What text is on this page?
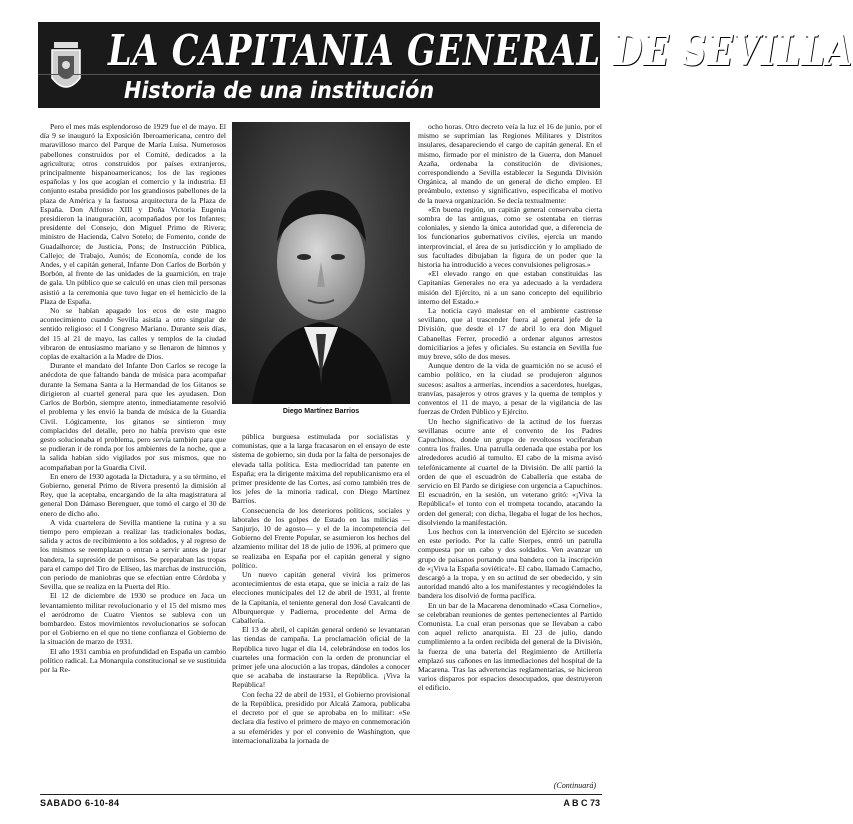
LA CAPITANIA GENERAL DE SEVILLA
Historia de una institución

Pero el mes más esplendoroso de 1929 fue el de mayo. El día 9 se inauguró la Exposición Iberoamericana, centro del maravilloso marco del Parque de María Luisa. Numerosos pabellones construidos por el Comité, dedicados a la agricultura; otros construidos por países extranjeros, principalmente hispanoamericanos; los de las regiones españolas y los que acogían el comercio y la industria. El conjunto estaba presidido por los grandiosos pabellones de la plaza de América y la fastuosa arquitectura de la Plaza de España. Don Alfonso XIII y Doña Victoria Eugenia presidieron la inauguración, acompañados por los Infantes; presidente del Consejo, don Miguel Primo de Rivera; ministro de Hacienda, Calvo Sotelo; de Fomento, conde de Guadalhorce; de Justicia, Pons; de Instrucción Pública, Callejo; de Trabajo, Aunós; de Economía, conde de los Andes, y el capitán general, Infante Don Carlos de Borbón y Borbón, al frente de las unidades de la guarnición, en traje de gala. Un público que se calculó en unas cien mil personas asistió a la ceremonia que tuvo lugar en el hemiciclo de la Plaza de España.

No se habían apagado los ecos de este magno acontecimiento cuando Sevilla asistía a otro singular de sentido religioso: el I Congreso Mariano. Durante seis días, del 15 al 21 de mayo, las calles y templos de la ciudad vibraron de entusiasmo mariano y se llenaron de himnos y coplas de exaltación a la Madre de Dios.

Durante el mandato del Infante Don Carlos se recoge la anécdota de que faltando banda de música para acompañar durante la Semana Santa a la Hermandad de los Gitanos se dirigieron al cuartel general para que les ayudasen. Don Carlos de Borbón, siempre atento, inmediatamente resolvió el problema y les envió la banda de música de la Guardia Civil. Lógicamente, los gitanos se sintieron muy complacidos del detalle, pero no había previsto que este gesto solucionaba el problema, pero servía también para que se pudieran ir de ronda por los ambientes de la noche, que a la salida habían sido vigilados por sus mismos, que no acompañaban por la Guardia Civil.

En enero de 1930 agotada la Dictadura, y a su término, el Gobierno, general Primo de Rivera presentó la dimisión al Rey, que la aceptaba, encargando de la alta magistratura al general Don Dámaso Berenguer, que tomó el cargo el 30 de enero de dicho año.

A vida cuartelera de Sevilla mantiene la rutina y a su tiempo pero empiezan a realizar las tradicionales bodas, salida y actos de recibimiento a los soldados, y al regreso de los mismos se reemplazan o entran a servir antes de jurar bandera, la supresión de permisos. Se preparaban las tropas para el campo del Tiro de Elíseo, las marchas de instrucción, con periodo de maniobras que se efectúan entre Córdoba y Sevilla, que se realiza en la Puerta del Río.

El 12 de diciembre de 1930 se produce en Jaca un levantamiento militar revolucionario y el 15 del mismo mes el aeródromo de Cuatro Vientos se subleva con un bombardeo. Estos movimientos revolucionarios se sofocan por el Gobierno en el que no tiene confianza el Gobierno de la situación de marzo de 1931.

El año 1931 cambia en profundidad en España un cambio político radical. La Monarquía constitucional se ve sustituida por la Re-

Diego Martínez Barrios

pública burguesa estimulada por socialistas y comunistas, que a la larga fracasaron en el ensayo de este sistema de gobierno, sin duda por la falta de personajes de elevada talla política. Esta mediocridad tan patente en España; era la dirigente máxima del republicanismo era el primer presidente de las Cortes, así como también tres de los jefes de la minoría radical, con Diego Martínez Barrios.

Consecuencia de los deterioros políticos, sociales y laborales de los golpes de Estado en las milicias —Sanjurjo, 10 de agosto— y el de la incompetencia del Gobierno del Frente Popular, se asumieron los hechos del alzamiento militar del 18 de julio de 1936, al primero que se realizaba en España por el capitán general y signo político.

Un nuevo capitán general vivirá los primeros acontecimientos de esta etapa, que se inicia a raíz de las elecciones municipales del 12 de abril de 1931, al frente de la Capitanía, el teniente general don José Cavalcanti de Alburquerque y Padierna, procedente del Arma de Caballería.

El 13 de abril, el capitán general ordenó se levantaran las tiendas de campaña. La proclamación oficial de la República tuvo lugar el día 14, celebrándose en todos los cuarteles una formación con la orden de pronunciar el primer jefe una alocución a las tropas, dándoles a conocer que se acababa de instaurarse la República. ¡Viva la República!

Con fecha 22 de abril de 1931, el Gobierno provisional de la República, presidido por Alcalá Zamora, publicaba el decreto por el que se aprobaba en lo militar: «Se declara día festivo el primero de mayo en conmemoración a su efemérides y por el convenio de Washington, que internacionalizaba la jornada de

ocho horas. Otro decreto veía la luz el 16 de junio, por el mismo se suprimían las Regiones Militares y Distritos insulares, desapareciendo el cargo de capitán general. En el mismo, firmado por el ministro de la Guerra, don Manuel Azaña, ordenaba la constitución de divisiones, correspondiendo a Sevilla establecer la Segunda División Orgánica, al mando de un general de dicho empleo. El preámbulo, extenso y significativo, especificaba el motivo de la nueva organización. Se decía textualmente:

«En buena región, un capitán general conservaba cierta sombra de las antiguas, como se ostentaba en tierras coloniales, y siendo la única autoridad que, a diferencia de los funcionarios gubernativos civiles, ejercía un mando interprovincial, el área de su jurisdicción y lo ampliado de sus facultades dibujaban la figura de un poder que la historia ha introducido a veces convulsiones peligrosas.»

«El elevado rango en que estaban constituidas las Capitanías Generales no era ya adecuado a la verdadera misión del Ejército, ni a un sano concepto del equilibrio interno del Estado.»

La noticia cayó malestar en el ambiente castrense sevillano, que al trascender fuera al general jefe de la División, que desde el 17 de abril lo era don Miguel Cabanellas Ferrer, procedió a ordenar algunos arrestos domiciliarios a jefes y oficiales. Su estancia en Sevilla fue muy breve, sólo de dos meses.

Aunque dentro de la vida de guarnición no se acusó el cambio político, en la ciudad se produjeron algunos sucesos: asaltos a armerías, incendios a sacerdotes, huelgas, tranvías, pasajeros y otros graves y la quema de templos y conventos el 11 de mayo, a pesar de la vigilancia de las fuerzas de Orden Público y Ejército.

Un hecho significativo de la actitud de los fuerzas sevillanas ocurre ante el convento de los Padres Capuchinos, donde un grupo de revoltosos vociferaban contra los frailes. Una patrulla ordenada que estaba por los alrededores acudió al tumulto. El cabo de la misma avisó telefónicamente al cuartel de la División. De allí partió la orden de que el escuadrón de Caballería que estaba de servicio en El Pardo se dirigiese con urgencia a Capuchinos. El escuadrón, en la sesión, un veterano gritó: «¡Viva la República!» el tonto con el trompeta tocando, atacando la orden del general; con dicha, llegaba el lugar de los hechos, disolviendo la manifestación.

Los hechos con la intervención del Ejército se suceden en este periodo. Por la calle Sierpes, entró un patrulla compuesta por un cabo y dos soldados. Ven avanzar un grupo de paisanos portando una bandera con la inscripción de «¡Viva la España soviética!». El cabo, llamado Camacho, descargó a la tropa, y en su actitud de ser obedecido, y sin autoridad mandó alto a los manifestantes y recogiéndoles la bandera los disolvió de forma pacífica.

En un bar de la Macarena denominado «Casa Cornelio», se celebraban reuniones de gentes pertenecientes al Partido Comunista. La cual eran personas que se llevaban a cabo con aquel relicto anarquista. El 23 de julio, dando cumplimiento a la orden recibida del general de la División, la fuerza de una batería del Regimiento de Artillería emplazó sus cañones en las inmediaciones del hospital de la Macarena. Tras las advertencias reglamentarias, se hicieron varios disparos por espacios desocupados, que destruyeron el edificio.

(Continuará)
SABADO 6-10-84	A B C 73
